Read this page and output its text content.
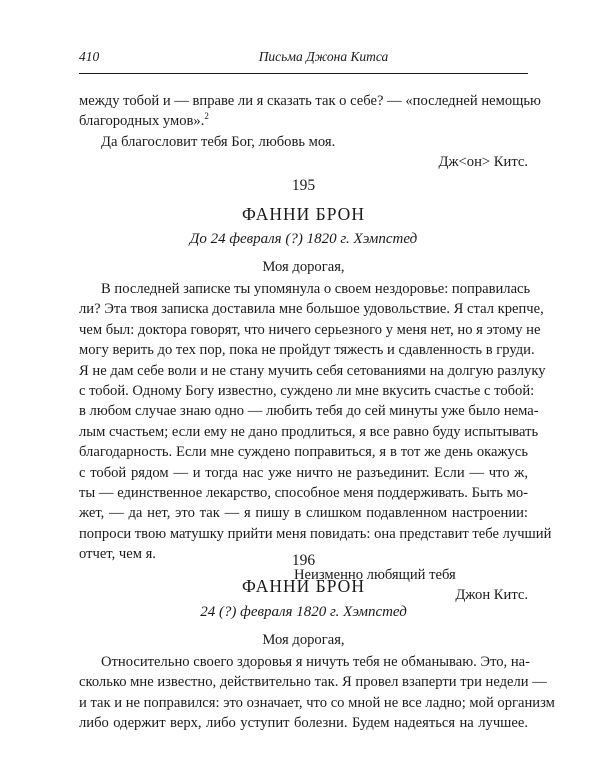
410	Письма Джона Китса
между тобой и — вправе ли я сказать так о себе? — «последней немощью
благородных умов».$^2$
Да благословит тебя Бог, любовь моя.
Дж<он> Китс.
195
ФАННИ БРОН
До 24 февраля (?) 1820 г. Хэмпстед
Моя дорогая,
В последней записке ты упомянула о своем нездоровье: поправилась
ли? Эта твоя записка доставила мне большое удовольствие. Я стал крепче,
чем был: доктора говорят, что ничего серьезного у меня нет, но я этому не
могу верить до тех пор, пока не пройдут тяжесть и сдавленность в груди.
Я не дам себе воли и не стану мучить себя сетованиями на долгую разлуку
с тобой. Одному Богу известно, суждено ли мне вкусить счастье с тобой:
в любом случае знаю одно — любить тебя до сей минуты уже было нема-
лым счастьем; если ему не дано продлиться, я все равно буду испытывать
благодарность. Если мне суждено поправиться, я в тот же день окажусь
с тобой рядом — и тогда нас уже ничто не разъединит. Если — что ж,
ты — единственное лекарство, способное меня поддерживать. Быть мо-
жет, — да нет, это так — я пишу в слишком подавленном настроении:
попроси твою матушку прийти меня повидать: она представит тебе лучший
отчет, чем я.
Неизменно любящий тебя
Джон Китс.
196
ФАННИ БРОН
24 (?) февраля 1820 г. Хэмпстед
Моя дорогая,
Относительно своего здоровья я ничуть тебя не обманываю. Это, на-
сколько мне известно, действительно так. Я провел взаперти три недели —
и так и не поправился: это означает, что со мной не все ладно; мой организм
либо одержит верх, либо уступит болезни. Будем надеяться на лучшее.
